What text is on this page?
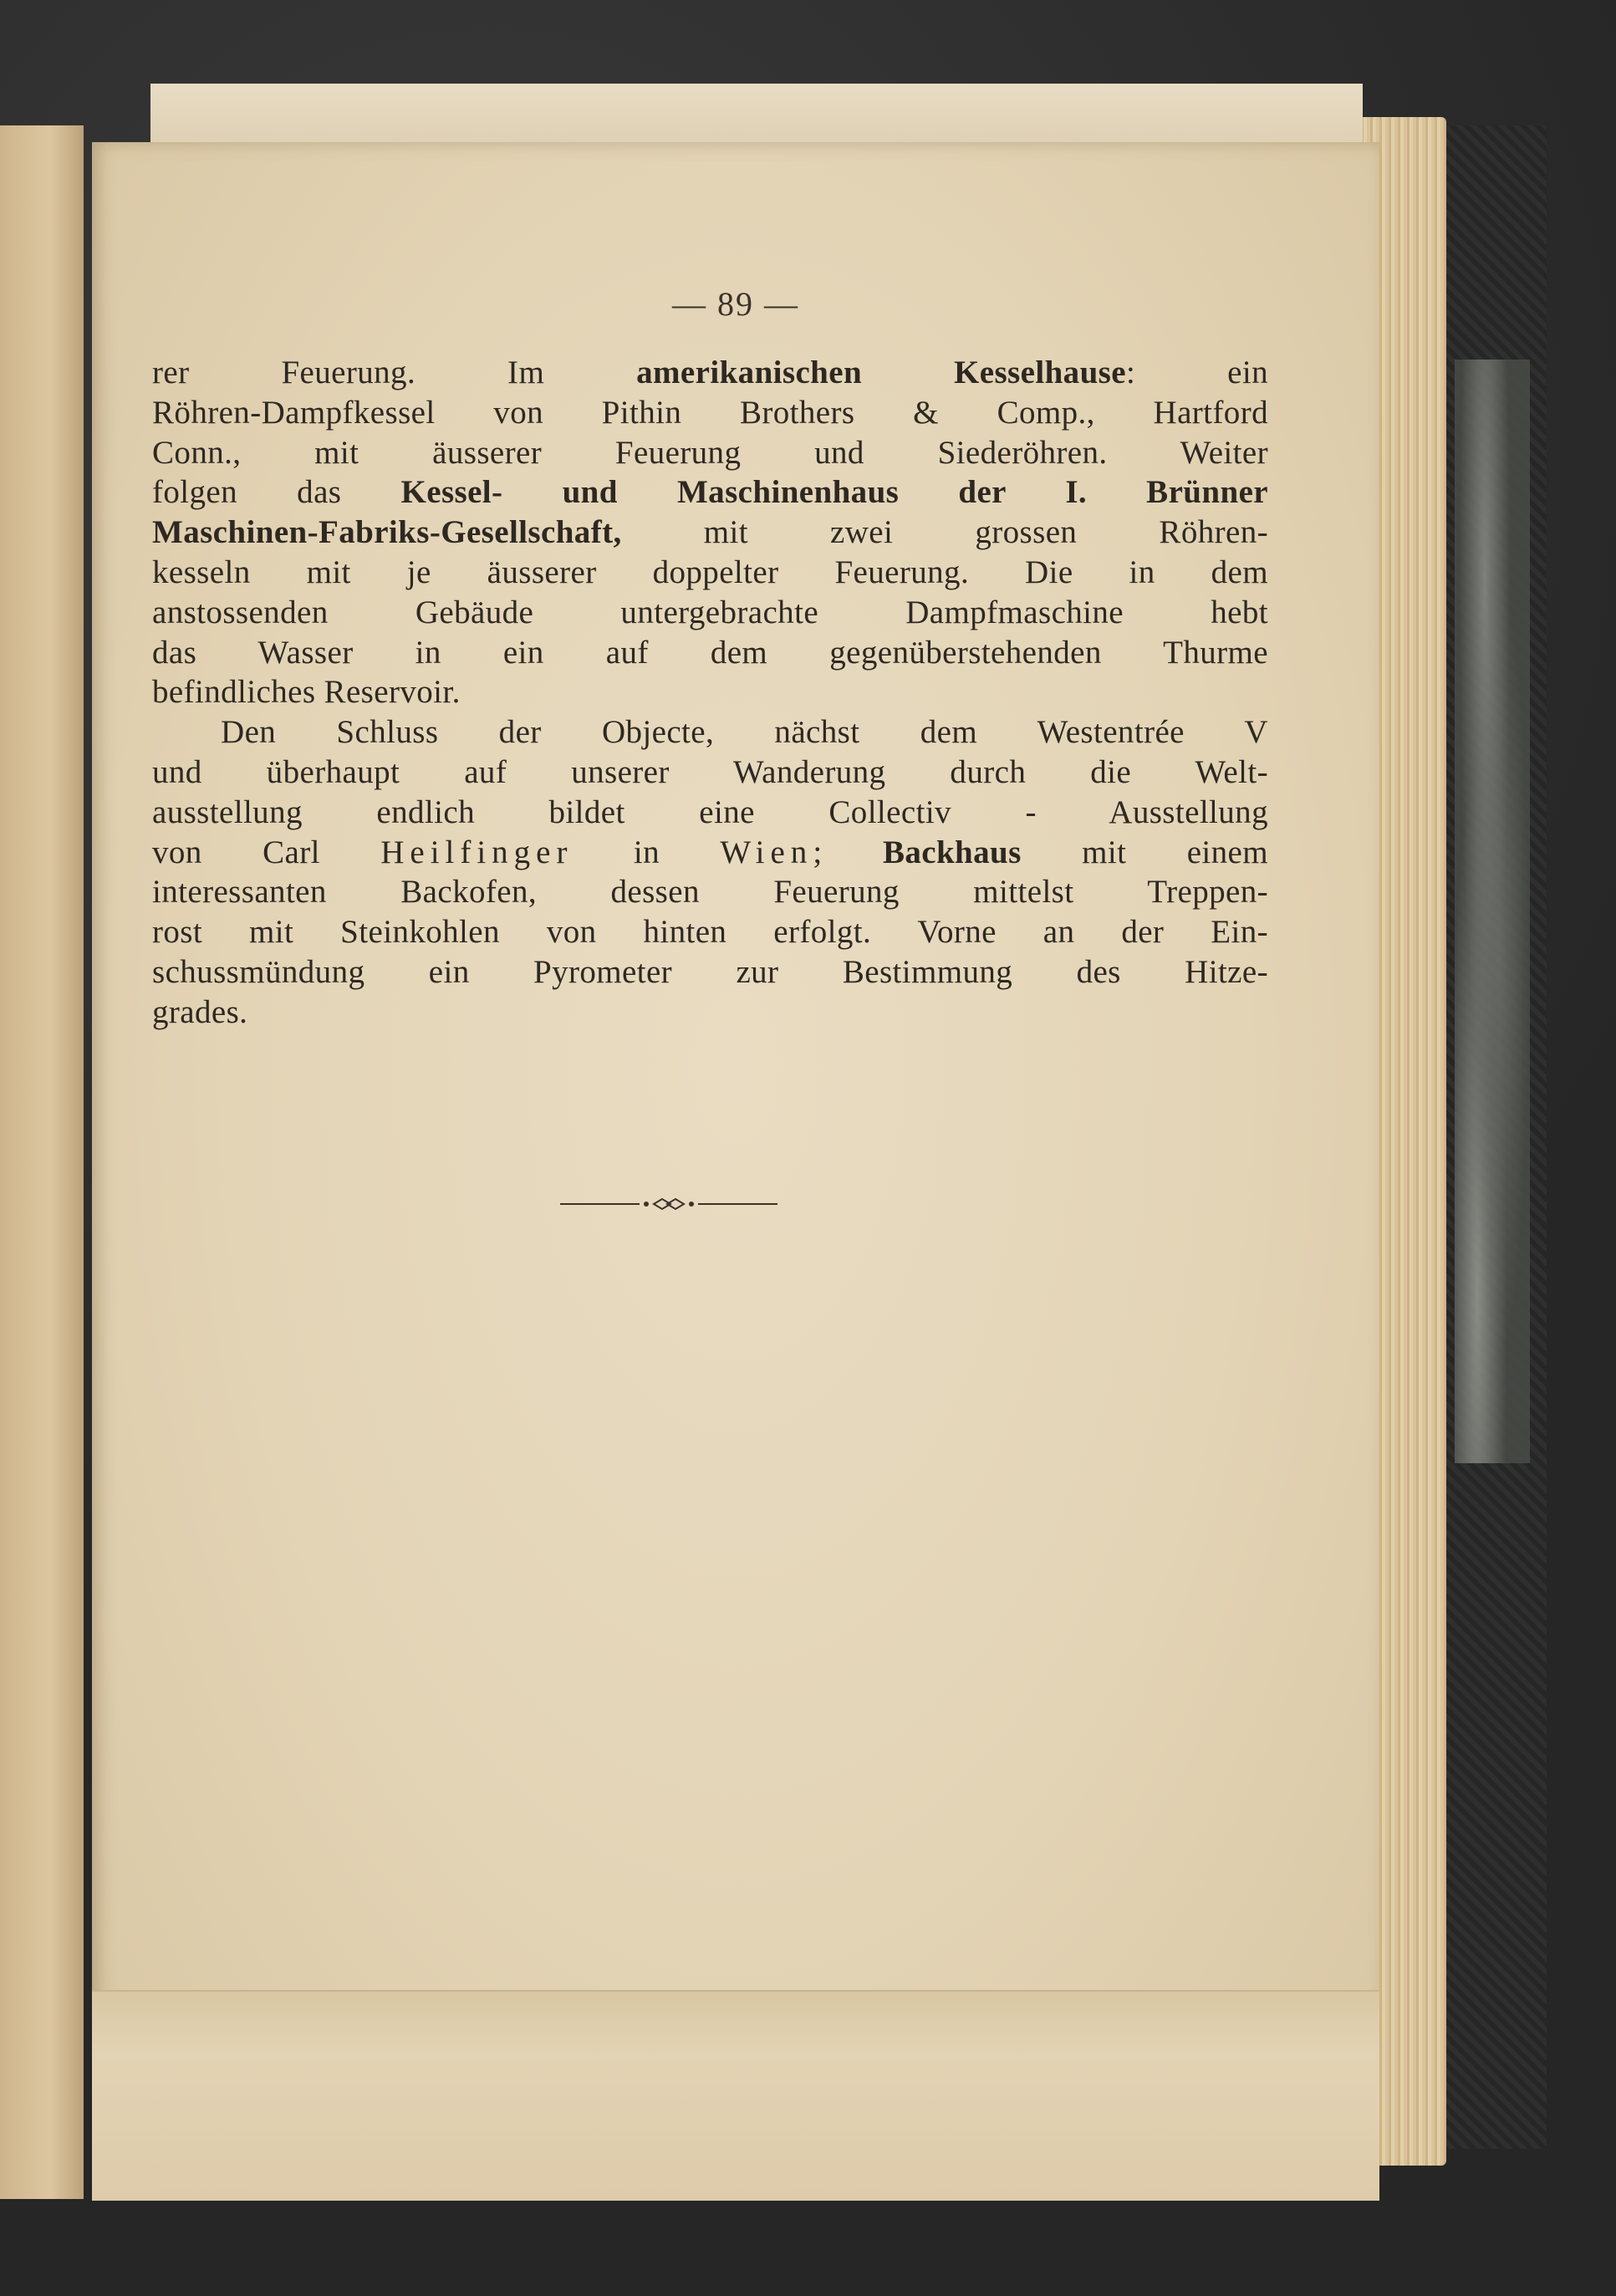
— 89 —
rer Feuerung. Im amerikanischen Kesselhause: ein
Röhren-Dampfkessel von Pithin Brothers & Comp., Hartford
Conn., mit äusserer Feuerung und Siederöhren. Weiter
folgen das Kessel- und Maschinenhaus der I. Brünner
Maschinen-Fabriks-Gesellschaft, mit zwei grossen Röhren-
kesseln mit je äusserer doppelter Feuerung. Die in dem
anstossenden Gebäude untergebrachte Dampfmaschine hebt
das Wasser in ein auf dem gegenüberstehenden Thurme
befindliches Reservoir.
Den Schluss der Objecte, nächst dem Westentrée V
und überhaupt auf unserer Wanderung durch die Welt-
ausstellung endlich bildet eine Collectiv - Ausstellung
von Carl Heilfinger in Wien; Backhaus mit einem
interessanten Backofen, dessen Feuerung mittelst Treppen-
rost mit Steinkohlen von hinten erfolgt. Vorne an der Ein-
schussmündung ein Pyrometer zur Bestimmung des Hitze-
grades.
